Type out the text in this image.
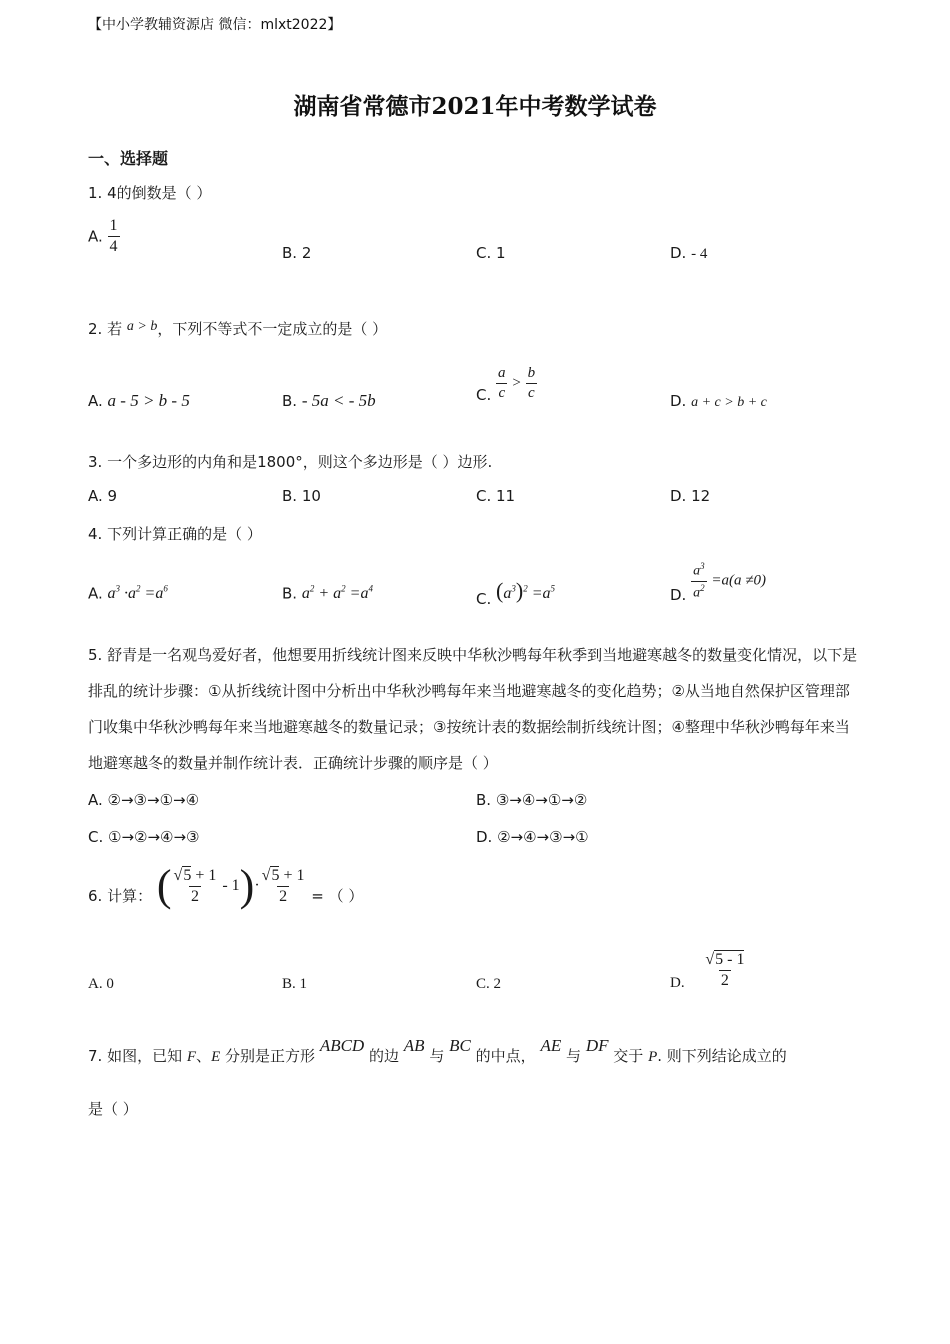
【中小学教辅资源店 微信：mlxt2022】
湖南省常德市2021年中考数学试卷
一、选择题
1. 4的倒数是（ ）
A. $\frac{1}{4}$	B. 2	C. 1	D. - 4
2. 若 a > b，下列不等式不一定成立的是（ ）
A. a - 5 > b - 5	B. - 5a < - 5b	C. $\frac{a}{c} > \frac{b}{c}$	D. a + c > b + c
3. 一个多边形的内角和是1800°，则这个多边形是（ ）边形.
A. 9	B. 10	C. 11	D. 12
4. 下列计算正确的是（ ）
A. $a^3 \cdot a^2 =a^6$	B. $a^2 + a^2 =a^4$
C. $(a^3)^2 =a^5$	D. $\frac{a^3}{a^2} =a(a \ne 0)$
5. 舒青是一名观鸟爱好者，他想要用折线统计图来反映中华秋沙鸭每年秋季到当地避寒越冬的数量变化情况，以下是排乱的统计步骤：①从折线统计图中分析出中华秋沙鸭每年来当地避寒越冬的变化趋势；②从当地自然保护区管理部门收集中华秋沙鸭每年来当地避寒越冬的数量记录；③按统计表的数据绘制折线统计图；④整理中华秋沙鸭每年来当地避寒越冬的数量并制作统计表．正确统计步骤的顺序是（ ）
A. ②→③→①→④	B. ③→④→①→②
C. ①→②→④→③	D. ②→④→③→①
6. 计算： ( $\frac{√5 + 1}{2} - 1$ ) · $\frac{√5 + 1}{2}$ = （ ）
A. 0	B. 1	C. 2	D. $\frac{√5 - 1}{2}$
7. 如图，已知 F、E 分别是正方形 ABCD 的边 AB 与 BC 的中点， AE 与 DF 交于 P. 则下列结论成立的
是（ ）
